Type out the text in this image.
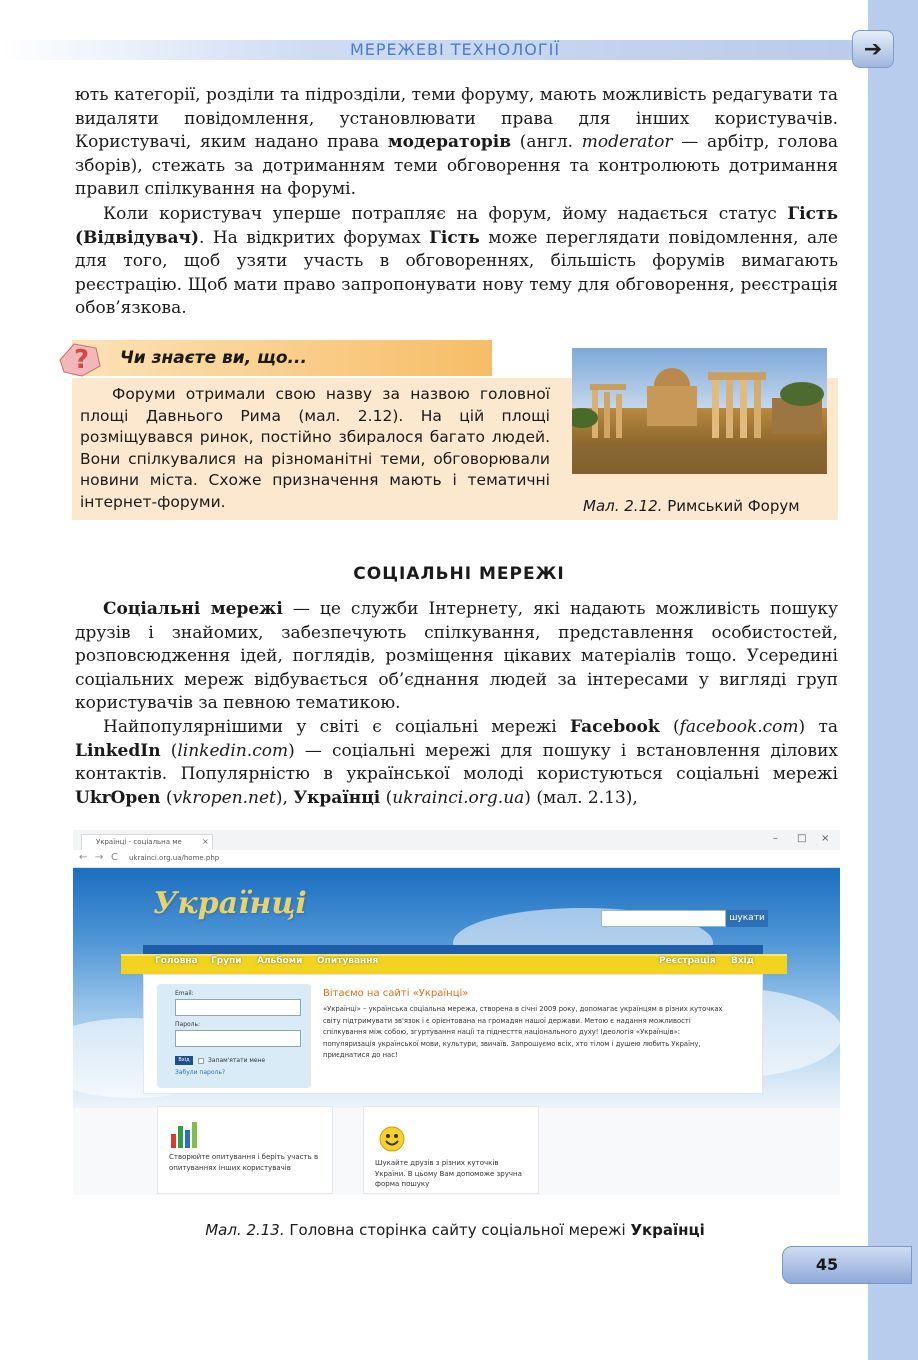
МЕРЕЖЕВІ ТЕХНОЛОГІЇ	➔

ють категорії, розділи та підрозділи, теми форуму, мають можливість редагувати та видаляти повідомлення, установлювати права для інших користувачів. Користувачі, яким надано права модераторів (англ. moderator — арбітр, голова зборів), стежать за дотриманням теми обговорення та контролюють дотримання правил спілкування на форумі.

Коли користувач уперше потрапляє на форум, йому надається статус Гість (Відвідувач). На відкритих форумах Гість може переглядати повідомлення, але для того, щоб узяти участь в обговореннях, більшість форумів вимагають реєстрацію. Щоб мати право запропонувати нову тему для обговорення, реєстрація обов’язкова.

? Чи знаєте ви, що...

Форуми отримали свою назву за назвою головної площі Давнього Рима (мал. 2.12). На цій площі розміщувався ринок, постійно збиралося багато людей. Вони спілкувалися на різноманітні теми, обговорювали новини міста. Схоже призначення мають і тематичні інтернет-форуми.	Мал. 2.12. Римський Форум
СОЦІАЛЬНІ МЕРЕЖІ

Соціальні мережі — це служби Інтернету, які надають можливість пошуку друзів і знайомих, забезпечують спілкування, представлення особистостей, розповсюдження ідей, поглядів, розміщення цікавих матеріалів тощо. Усередині соціальних мереж відбувається об’єднання людей за інтересами у вигляді груп користувачів за певною тематикою.

Найпопулярнішими у світі є соціальні мережі Facebook (facebook.com) та LinkedIn (linkedin.com) — соціальні мережі для пошуку і встановлення ділових контактів. Популярністю в української молоді користуються соціальні мережі UkrOpen (vkropen.net), Українці (ukrainci.org.ua) (мал. 2.13),

Українці - соціальна ме	×	– □ ×
← → C ukrainci.org.ua/home.php
Українці	шукати
Головна Групи Альбоми Опитування	Реєстрація Вхід
Email:
Пароль:
Вхід	Запам'ятати мене
Забули пароль?
Вітаємо на сайті «Українці»
«Українці» – українська соціальна мережа, створена в січні 2009 року, допомагає українцям в різних куточках світу підтримувати зв'язок і є орієнтована на громадян нашої держави. Метою є надання можливості спілкування між собою, згуртування нації та піднесття національного духу! Ідеологія «Українців»: популяризація української мови, культури, звичаїв. Запрошуємо всіх, хто тілом і душею любить Україну, приєднатися до нас!
Створюйте опитування і беріть участь в опитуваннях інших користувачів
Шукайте друзів з різних куточків України. В цьому Вам допоможе зручна форма пошуку
Мал. 2.13. Головна сторінка сайту соціальної мережі Українці
45
